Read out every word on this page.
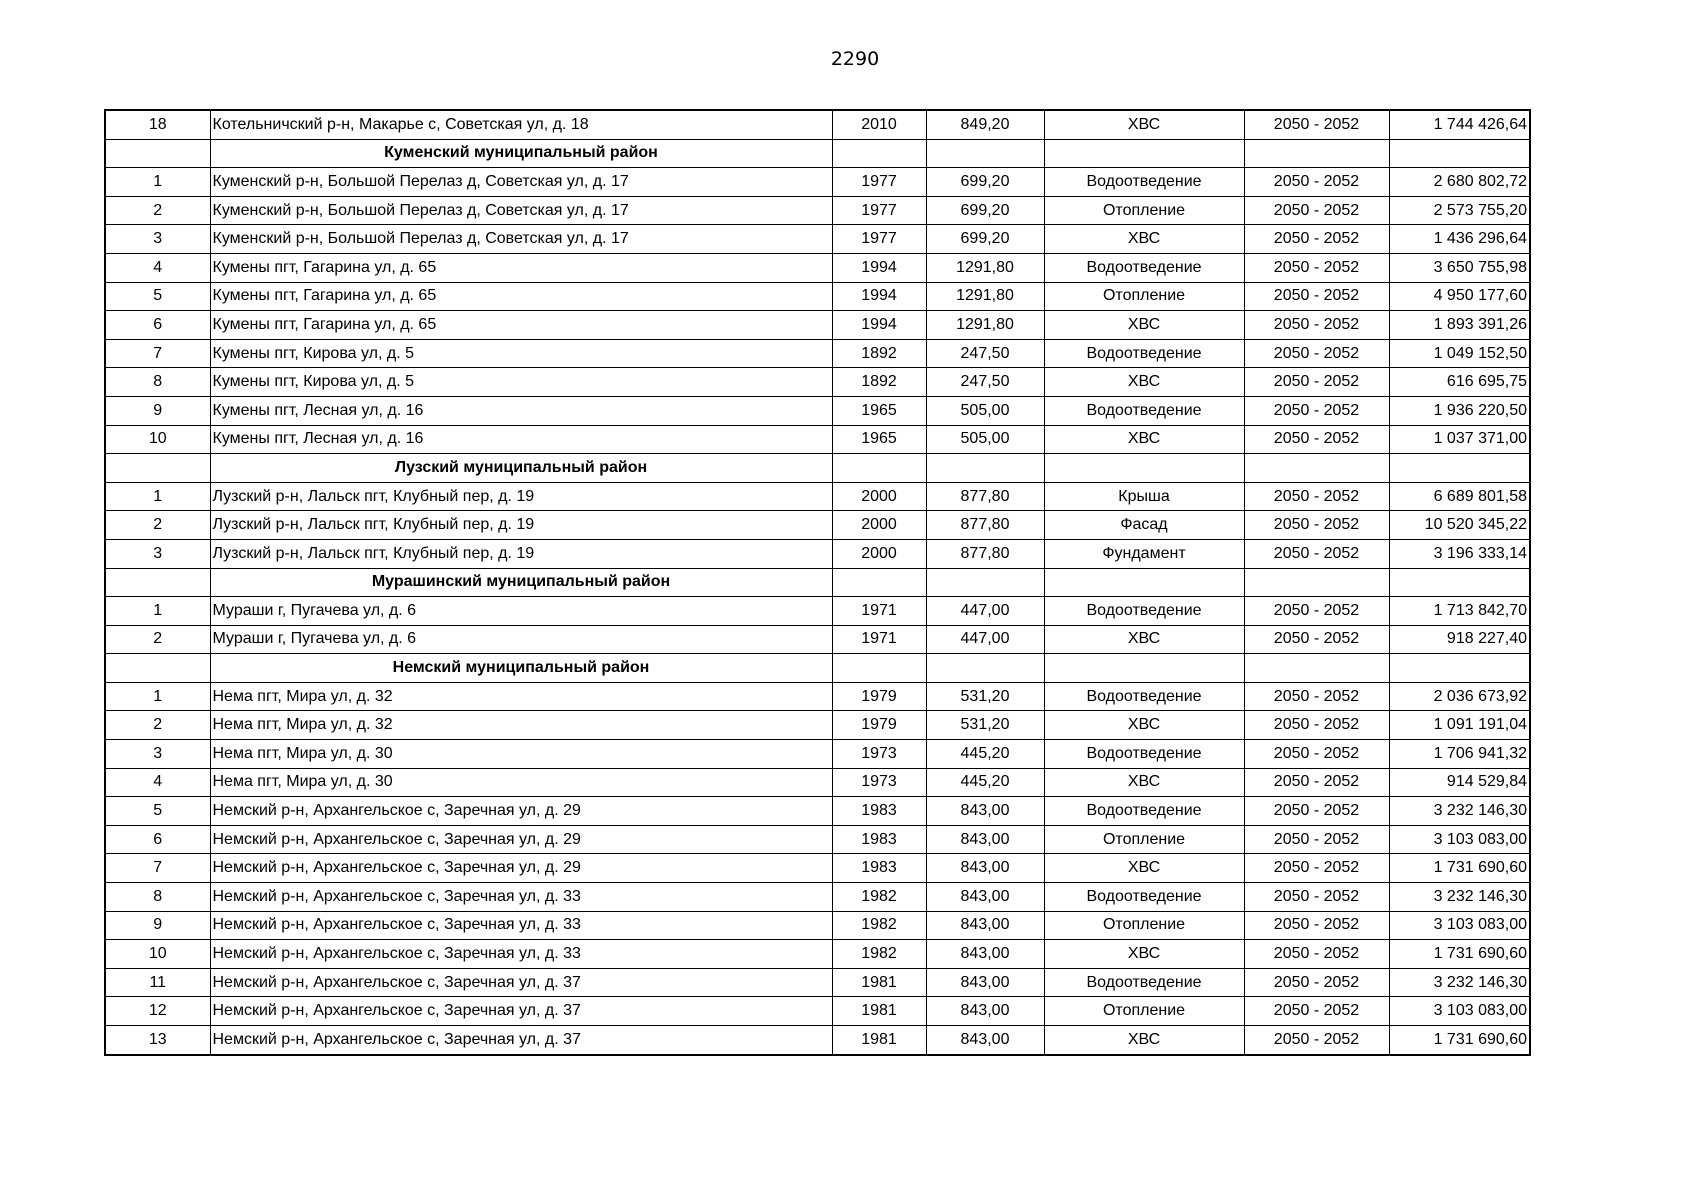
2290
18	Котельничский р-н, Макарье с, Советская ул, д. 18	2010	849,20	ХВС	2050 - 2052	1 744 426,64
	Куменский муниципальный район					
1	Куменский р-н, Большой Перелаз д, Советская ул, д. 17	1977	699,20	Водоотведение	2050 - 2052	2 680 802,72
2	Куменский р-н, Большой Перелаз д, Советская ул, д. 17	1977	699,20	Отопление	2050 - 2052	2 573 755,20
3	Куменский р-н, Большой Перелаз д, Советская ул, д. 17	1977	699,20	ХВС	2050 - 2052	1 436 296,64
4	Кумены пгт, Гагарина ул, д. 65	1994	1291,80	Водоотведение	2050 - 2052	3 650 755,98
5	Кумены пгт, Гагарина ул, д. 65	1994	1291,80	Отопление	2050 - 2052	4 950 177,60
6	Кумены пгт, Гагарина ул, д. 65	1994	1291,80	ХВС	2050 - 2052	1 893 391,26
7	Кумены пгт, Кирова ул, д. 5	1892	247,50	Водоотведение	2050 - 2052	1 049 152,50
8	Кумены пгт, Кирова ул, д. 5	1892	247,50	ХВС	2050 - 2052	616 695,75
9	Кумены пгт, Лесная ул, д. 16	1965	505,00	Водоотведение	2050 - 2052	1 936 220,50
10	Кумены пгт, Лесная ул, д. 16	1965	505,00	ХВС	2050 - 2052	1 037 371,00
	Лузский муниципальный район					
1	Лузский р-н, Лальск пгт, Клубный пер, д. 19	2000	877,80	Крыша	2050 - 2052	6 689 801,58
2	Лузский р-н, Лальск пгт, Клубный пер, д. 19	2000	877,80	Фасад	2050 - 2052	10 520 345,22
3	Лузский р-н, Лальск пгт, Клубный пер, д. 19	2000	877,80	Фундамент	2050 - 2052	3 196 333,14
	Мурашинский муниципальный район					
1	Мураши г, Пугачева ул, д. 6	1971	447,00	Водоотведение	2050 - 2052	1 713 842,70
2	Мураши г, Пугачева ул, д. 6	1971	447,00	ХВС	2050 - 2052	918 227,40
	Немский муниципальный район					
1	Нема пгт, Мира ул, д. 32	1979	531,20	Водоотведение	2050 - 2052	2 036 673,92
2	Нема пгт, Мира ул, д. 32	1979	531,20	ХВС	2050 - 2052	1 091 191,04
3	Нема пгт, Мира ул, д. 30	1973	445,20	Водоотведение	2050 - 2052	1 706 941,32
4	Нема пгт, Мира ул, д. 30	1973	445,20	ХВС	2050 - 2052	914 529,84
5	Немский р-н, Архангельское с, Заречная ул, д. 29	1983	843,00	Водоотведение	2050 - 2052	3 232 146,30
6	Немский р-н, Архангельское с, Заречная ул, д. 29	1983	843,00	Отопление	2050 - 2052	3 103 083,00
7	Немский р-н, Архангельское с, Заречная ул, д. 29	1983	843,00	ХВС	2050 - 2052	1 731 690,60
8	Немский р-н, Архангельское с, Заречная ул, д. 33	1982	843,00	Водоотведение	2050 - 2052	3 232 146,30
9	Немский р-н, Архангельское с, Заречная ул, д. 33	1982	843,00	Отопление	2050 - 2052	3 103 083,00
10	Немский р-н, Архангельское с, Заречная ул, д. 33	1982	843,00	ХВС	2050 - 2052	1 731 690,60
11	Немский р-н, Архангельское с, Заречная ул, д. 37	1981	843,00	Водоотведение	2050 - 2052	3 232 146,30
12	Немский р-н, Архангельское с, Заречная ул, д. 37	1981	843,00	Отопление	2050 - 2052	3 103 083,00
13	Немский р-н, Архангельское с, Заречная ул, д. 37	1981	843,00	ХВС	2050 - 2052	1 731 690,60
